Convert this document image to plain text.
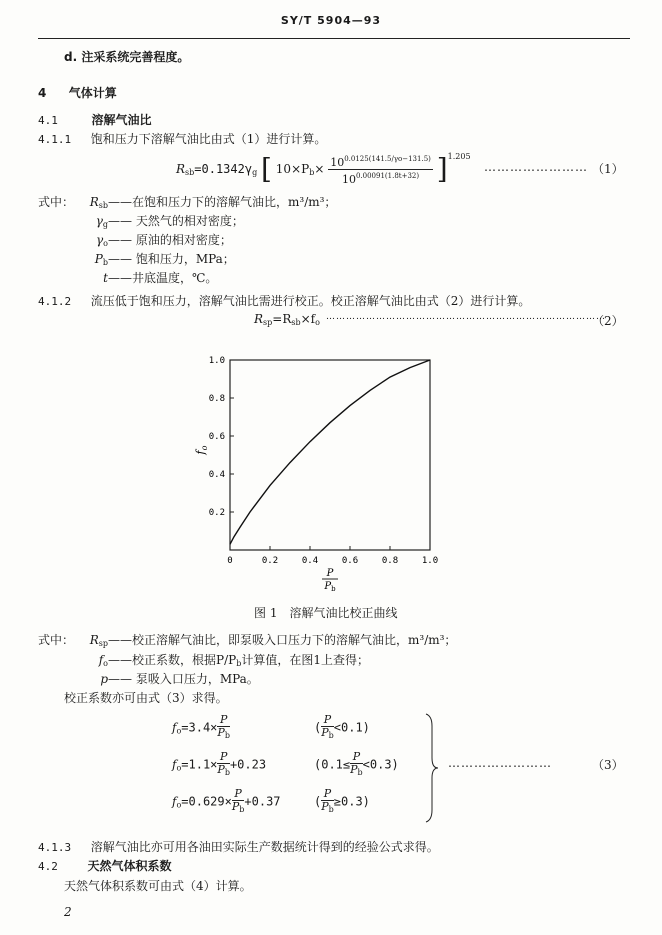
SY/T 5904—93
d. 注采系统完善程度。
4 气体计算
4.1	溶解气油比
4.1.1 饱和压力下溶解气油比由式（1）进行计算。
$R_{sb}=0.1342\gamma_g$ [ $10\times P_b\times \frac{10^{0.0125(141.5/\gamma o-131.5)}}{10^{0.00091(1.8t+32)}} ]^{1.205}$
…………………… （1）
式中： $R_{sb}——$在饱和压力下的溶解气油比，m³/m³；
$\gamma_g——$ 天然气的相对密度；
$\gamma_o——$ 原油的相对密度；
$P_b——$ 饱和压力，MPa；
t——井底温度，℃。
4.1.2 流压低于饱和压力，溶解气油比需进行校正。校正溶解气油比由式（2）进行计算。
$R_{sp}=R_{sb}\times f_o$
…………………………………………………………………………
（2）
0	0.2	0.4	0.6	0.8	1.0
0.2
0.4
0.6
0.8
1.0
$f_o$
P
$P_b$
图 1　溶解气油比校正曲线
式中： $R_{sp}——$校正溶解气油比，即泵吸入口压力下的溶解气油比，m³/m³；
$f_o——$校正系数，根据$P/P_b$计算值，在图1上查得；
p—— 泵吸入口压力，MPa。
校正系数亦可由式（3）求得。
$f_o=3.4\times \frac{P}{P_b}$	( $\frac{P}{P_b} <0.1$)
$f_o=1.1\times \frac{P}{P_b} +0.23$	$(0.1\le \frac{P}{P_b} <0.3)$
$f_o=0.629\times \frac{P}{P_b} +0.37$	( $\frac{P}{P_b} \ge 0.3$)
……………………	（3）
4.1.3 溶解气油比亦可用各油田实际生产数据统计得到的经验公式求得。
4.2 天然气体积系数
天然气体积系数可由式（4）计算。
2
